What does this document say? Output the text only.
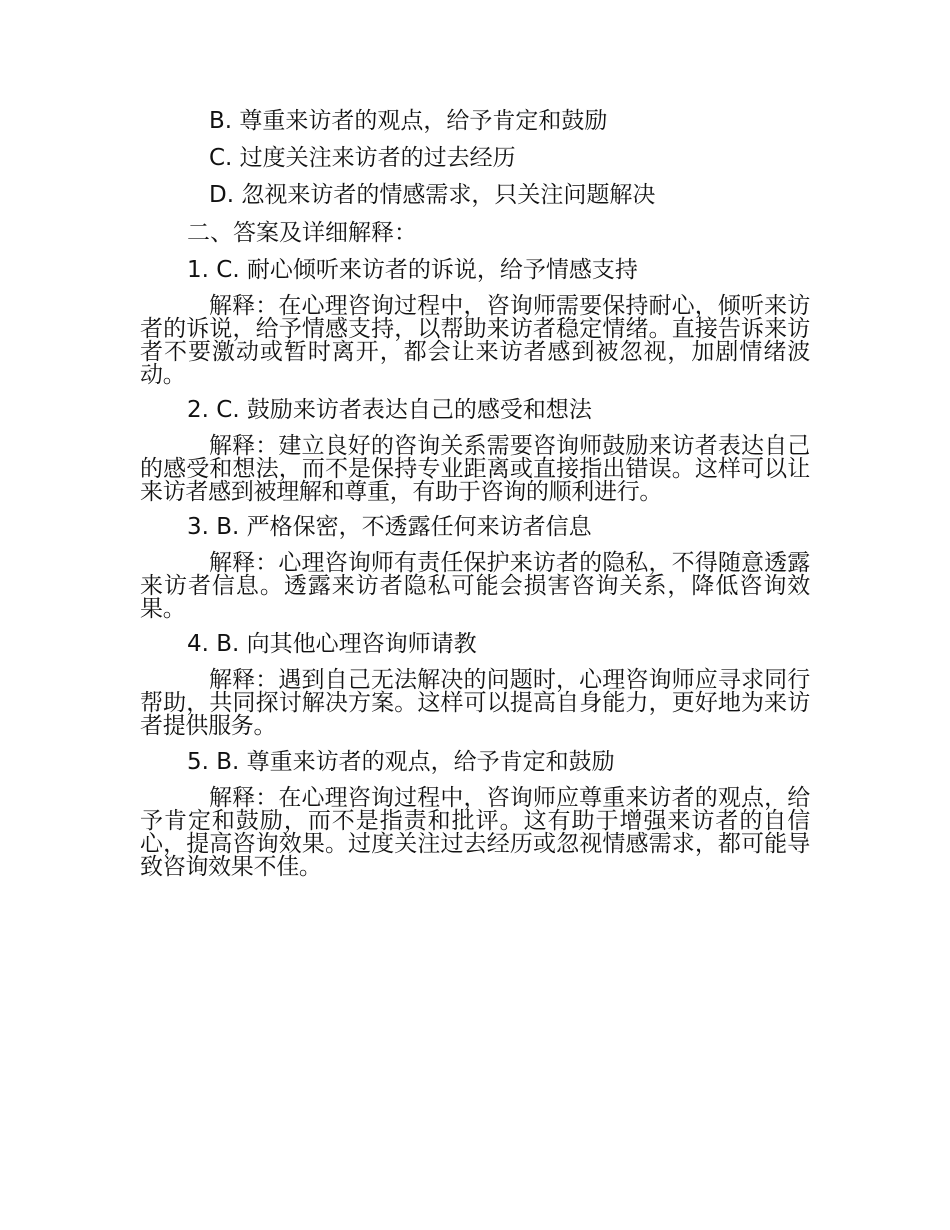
B. 尊重来访者的观点，给予肯定和鼓励
C. 过度关注来访者的过去经历
D. 忽视来访者的情感需求，只关注问题解决
二、答案及详细解释：
1. C. 耐心倾听来访者的诉说，给予情感支持
解释：在心理咨询过程中，咨询师需要保持耐心，倾听来访者的诉说，给予情感支持，以帮助来访者稳定情绪。直接告诉来访者不要激动或暂时离开，都会让来访者感到被忽视，加剧情绪波动。
2. C. 鼓励来访者表达自己的感受和想法
解释：建立良好的咨询关系需要咨询师鼓励来访者表达自己的感受和想法，而不是保持专业距离或直接指出错误。这样可以让来访者感到被理解和尊重，有助于咨询的顺利进行。
3. B. 严格保密，不透露任何来访者信息
解释：心理咨询师有责任保护来访者的隐私，不得随意透露来访者信息。透露来访者隐私可能会损害咨询关系，降低咨询效果。
4. B. 向其他心理咨询师请教
解释：遇到自己无法解决的问题时，心理咨询师应寻求同行帮助，共同探讨解决方案。这样可以提高自身能力，更好地为来访者提供服务。
5. B. 尊重来访者的观点，给予肯定和鼓励
解释：在心理咨询过程中，咨询师应尊重来访者的观点，给予肯定和鼓励，而不是指责和批评。这有助于增强来访者的自信心，提高咨询效果。过度关注过去经历或忽视情感需求，都可能导致咨询效果不佳。
